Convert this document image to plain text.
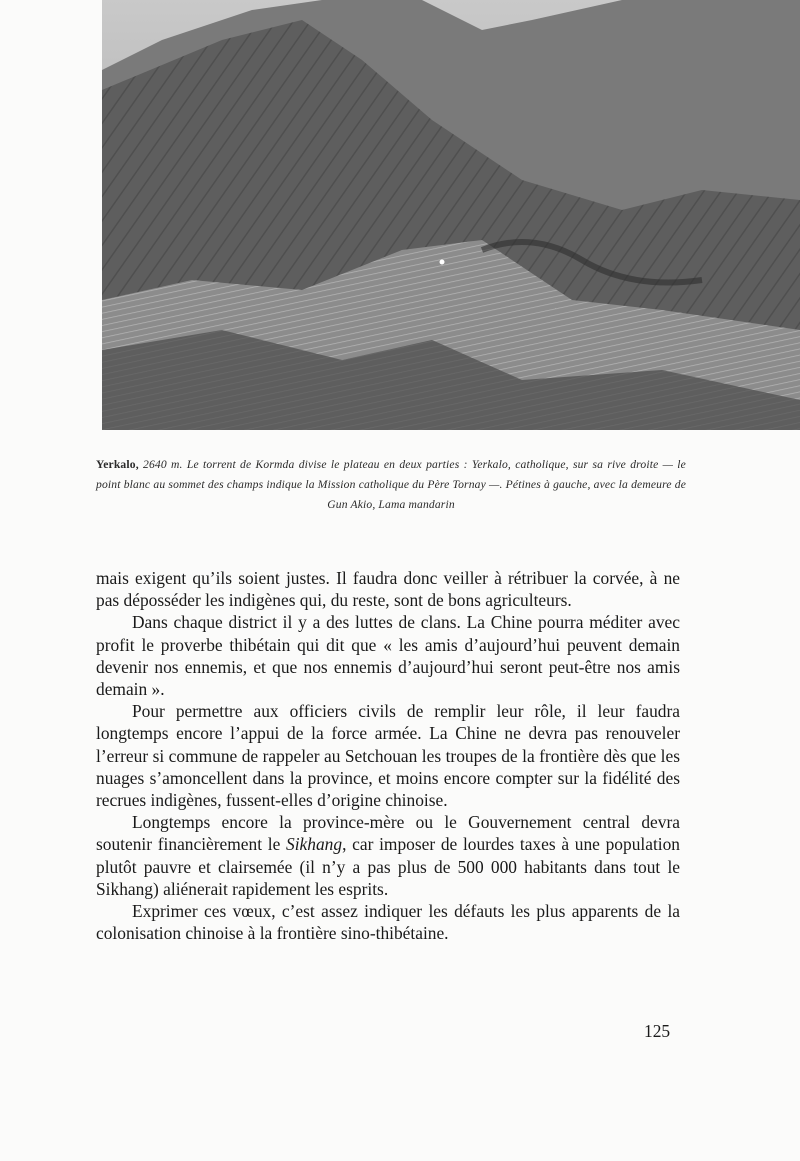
Yerkalo, 2640 m. Le torrent de Kormda divise le plateau en deux parties : Yerkalo, catholique, sur sa rive droite — le point blanc au sommet des champs indique la Mission catholique du Père Tornay —. Pétines à gauche, avec la demeure de Gun Akio, Lama mandarin

mais exigent qu’ils soient justes. Il faudra donc veiller à rétribuer la corvée, à ne pas déposséder les indigènes qui, du reste, sont de bons agriculteurs.

Dans chaque district il y a des luttes de clans. La Chine pourra méditer avec profit le proverbe thibétain qui dit que « les amis d’aujourd’hui peuvent demain devenir nos ennemis, et que nos ennemis d’aujourd’hui seront peut-être nos amis demain ».

Pour permettre aux officiers civils de remplir leur rôle, il leur faudra longtemps encore l’appui de la force armée. La Chine ne devra pas renouveler l’erreur si commune de rappeler au Setchouan les troupes de la frontière dès que les nuages s’amoncellent dans la province, et moins encore compter sur la fidélité des recrues indigènes, fussent-elles d’origine chinoise.

Longtemps encore la province-mère ou le Gouvernement central devra soutenir financièrement le Sikhang, car imposer de lourdes taxes à une population plutôt pauvre et clairsemée (il n’y a pas plus de 500 000 habitants dans tout le Sikhang) aliénerait rapidement les esprits.

Exprimer ces vœux, c’est assez indiquer les défauts les plus apparents de la colonisation chinoise à la frontière sino-thibétaine.

125
